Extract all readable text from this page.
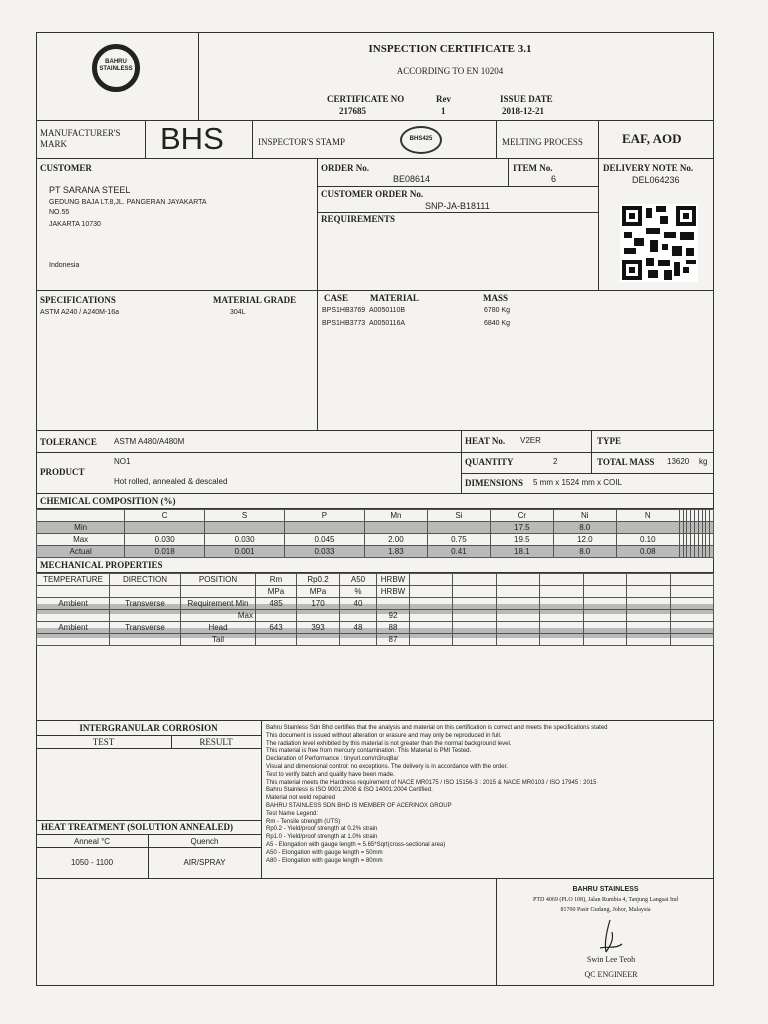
BAHRU STAINLESS
INSPECTION CERTIFICATE 3.1
ACCORDING TO EN 10204
CERTIFICATE NO
217685
Rev
1
ISSUE DATE
2018-12-21
MANUFACTURER'S MARK	BHS	INSPECTOR'S STAMP	BHS425	MELTING PROCESS	EAF, AOD
CUSTOMER
PT SARANA STEEL
GEDUNG BAJA LT.8,JL. PANGERAN JAYAKARTA
NO.55
JAKARTA 10730
Indonesia
ORDER No.
BE08614
ITEM No.
6
DELIVERY NOTE No.
DEL064236
CUSTOMER ORDER No.
SNP-JA-B18111
REQUIREMENTS
SPECIFICATIONS
ASTM A240 / A240M-16a
MATERIAL GRADE
304L
CASE MATERIAL	MASS
BPS1HB3769 A0050110B	6780 Kg
BPS1HB3773 A0050116A	6840 Kg
TOLERANCE ASTM A480/A480M
PRODUCT
NO1
Hot rolled, annealed & descaled
HEAT No. V2ER	TYPE
QUANTITY	2	TOTAL MASS 13620 kg
DIMENSIONS 5 mm x 1524 mm x COIL
CHEMICAL COMPOSITION (%)
	C	S	P	Mn	Si	Cr	Ni	N									
Min						17.5	8.0										
Max	0.030	0.030	0.045	2.00	0.75	19.5	12.0	0.10									
Actual	0.018	0.001	0.033	1.83	0.41	18.1	8.0	0.08									
MECHANICAL PROPERTIES
TEMPERATURE	DIRECTION	POSITION	Rm	Rp0.2	A50	HRBW							
			MPa	MPa	%	HRBW							
Ambient	Transverse	Requirement Min	485	170	40								
		Max				92							
Ambient	Transverse	Head	643	393	48	88							
		Tail				87							
INTERGRANULAR CORROSION
TEST	RESULT
HEAT TREATMENT (SOLUTION ANNEALED)
Anneal °C	Quench
1050 - 1100	AIR/SPRAY
Bahru Stainless Sdn Bhd certifies that the analysis and material on this certification is correct and meets the specifications stated
This document is issued without alteration or erasure and may only be reproduced in full.
The radiation level exhibited by this material is not greater than the normal background level.
This material is free from mercury contamination. This Material is PMI Tested.
Declaration of Performance : tinyurl.com/n3ruq8a/
Visual and dimensional control: no exceptions. The delivery is in accordance with the order.
Test to verify batch and quality have been made.
This material meets the Hardness requirement of NACE MR0175 / ISO 15156-3 : 2015 & NACE MR0103 / ISO 17945 : 2015
Bahru Stainless is ISO 9001:2008 & ISO 14001:2004 Certified.
Material not weld repaired
BAHRU STAINLESS SDN BHD IS MEMBER OF ACERINOX GROUP
Test Name Legend:
Rm - Tensile strength (UTS)
Rp0.2 - Yield/proof strength at 0.2% strain
Rp1.0 - Yield/proof strength at 1.0% strain
A5 - Elongation with gauge length = 5.65*Sqrt(cross-sectional area)
A50 - Elongation with gauge length = 50mm
A80 - Elongation with gauge length = 80mm
BAHRU STAINLESS
PTD 4069 (PLO 108), Jalan Rumbia 4, Tanjung Langsat Ind
81700 Pasir Gudang, Johor, Malaysia
Swin Lee Teoh
QC ENGINEER
